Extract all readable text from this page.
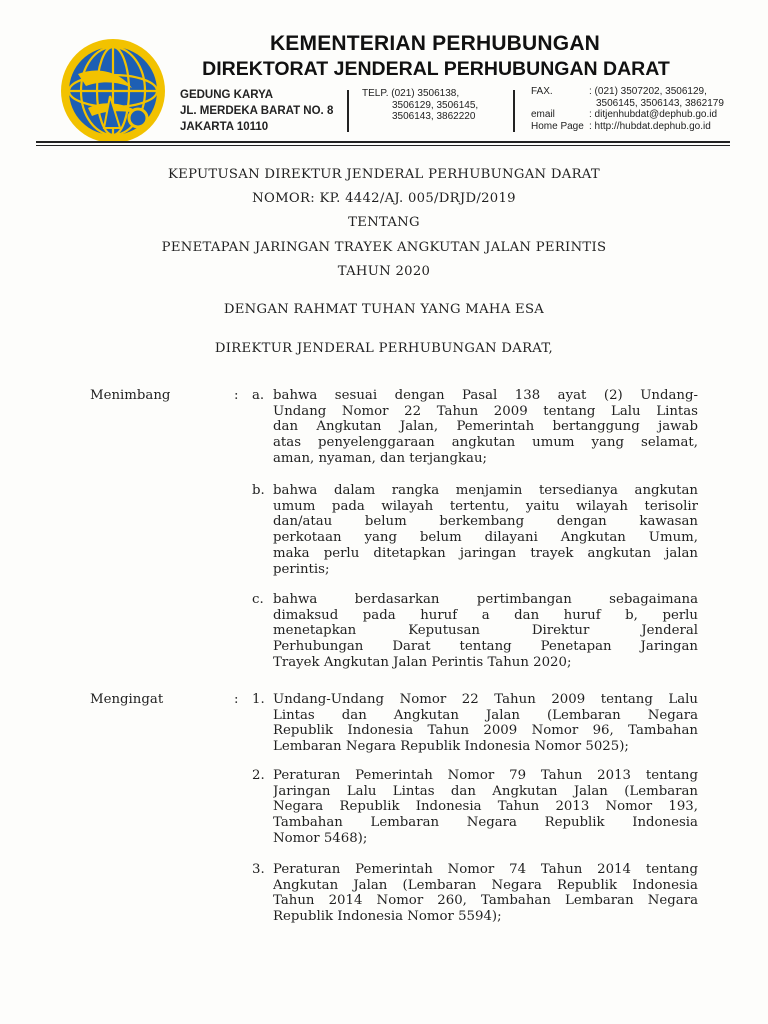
KEMENTERIAN PERHUBUNGAN
DIREKTORAT JENDERAL PERHUBUNGAN DARAT
GEDUNG KARYA
JL. MERDEKA BARAT NO. 8
JAKARTA 10110
TELP. (021) 3506138,
3506129, 3506145,
3506143, 3862220
FAX.	: (021) 3507202, 3506129,
3506145, 3506143, 3862179
email	: ditjenhubdat@dephub.go.id
Home Page : http://hubdat.dephub.go.id
KEPUTUSAN DIREKTUR JENDERAL PERHUBUNGAN DARAT
NOMOR: KP. 4442/AJ. 005/DRJD/2019
TENTANG
PENETAPAN JARINGAN TRAYEK ANGKUTAN JALAN PERINTIS
TAHUN 2020
DENGAN RAHMAT TUHAN YANG MAHA ESA
DIREKTUR JENDERAL PERHUBUNGAN DARAT,
Menimbang	: a. bahwa sesuai dengan Pasal 138 ayat (2) Undang-
Undang Nomor 22 Tahun 2009 tentang Lalu Lintas
dan Angkutan Jalan, Pemerintah bertanggung jawab
atas penyelenggaraan angkutan umum yang selamat,
aman, nyaman, dan terjangkau;
b. bahwa dalam rangka menjamin tersedianya angkutan
umum pada wilayah tertentu, yaitu wilayah terisolir
dan/atau belum berkembang dengan kawasan
perkotaan yang belum dilayani Angkutan Umum,
maka perlu ditetapkan jaringan trayek angkutan jalan
perintis;
c. bahwa berdasarkan pertimbangan sebagaimana
dimaksud pada huruf a dan huruf b, perlu
menetapkan Keputusan Direktur Jenderal
Perhubungan Darat tentang Penetapan Jaringan
Trayek Angkutan Jalan Perintis Tahun 2020;
Mengingat	: 1. Undang-Undang Nomor 22 Tahun 2009 tentang Lalu
Lintas dan Angkutan Jalan (Lembaran Negara
Republik Indonesia Tahun 2009 Nomor 96, Tambahan
Lembaran Negara Republik Indonesia Nomor 5025);
2. Peraturan Pemerintah Nomor 79 Tahun 2013 tentang
Jaringan Lalu Lintas dan Angkutan Jalan (Lembaran
Negara Republik Indonesia Tahun 2013 Nomor 193,
Tambahan Lembaran Negara Republik Indonesia
Nomor 5468);
3. Peraturan Pemerintah Nomor 74 Tahun 2014 tentang
Angkutan Jalan (Lembaran Negara Republik Indonesia
Tahun 2014 Nomor 260, Tambahan Lembaran Negara
Republik Indonesia Nomor 5594);
